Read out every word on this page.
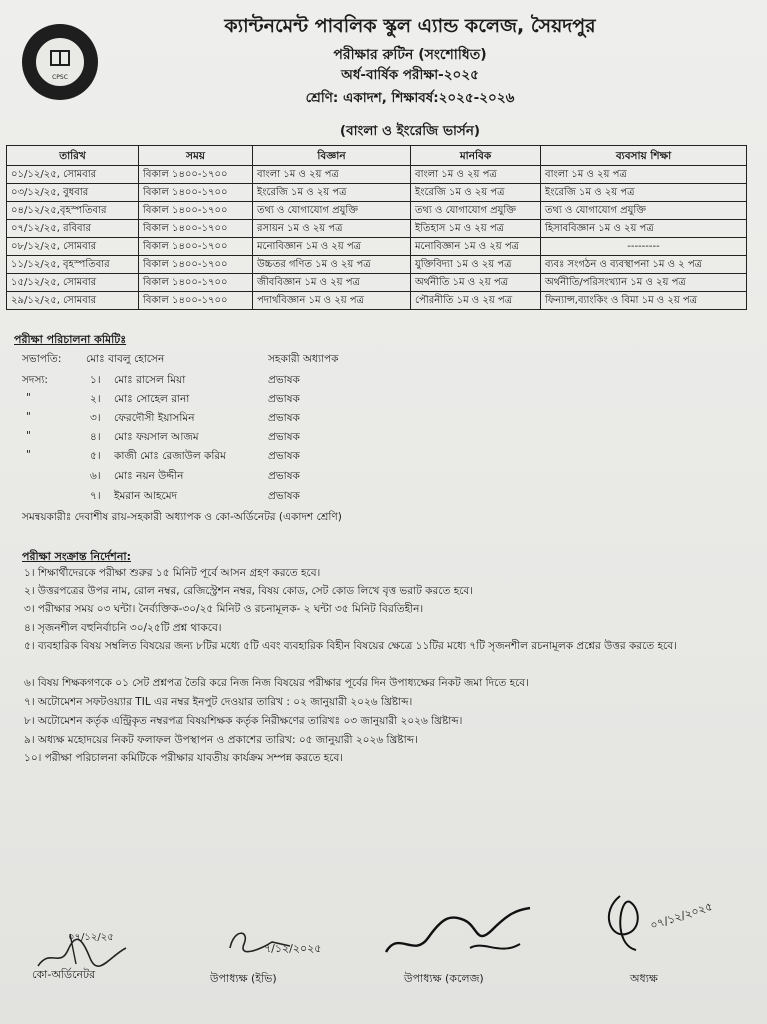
CPSC
ক্যান্টনমেন্ট পাবলিক স্কুল এ্যান্ড কলেজ, সৈয়দপুর
পরীক্ষার রুটিন (সংশোধিত)
অর্ধ-বার্ষিক পরীক্ষা-২০২৫
শ্রেণি: একাদশ, শিক্ষাবর্ষ:২০২৫-২০২৬
(বাংলা ও ইংরেজি ভার্সন)
তারিখ	সময়	বিজ্ঞান	মানবিক	ব্যবসায় শিক্ষা
০১/১২/২৫, সোমবার	বিকাল ১৪০০-১৭০০	বাংলা ১ম ও ২য় পত্র	বাংলা ১ম ও ২য় পত্র	বাংলা ১ম ও ২য় পত্র
০৩/১২/২৫, বুধবার	বিকাল ১৪০০-১৭০০	ইংরেজি ১ম ও ২য় পত্র	ইংরেজি ১ম ও ২য় পত্র	ইংরেজি ১ম ও ২য় পত্র
০৪/১২/২৫,বৃহস্পতিবার	বিকাল ১৪০০-১৭০০	তথ্য ও যোগাযোগ প্রযুক্তি	তথ্য ও যোগাযোগ প্রযুক্তি	তথ্য ও যোগাযোগ প্রযুক্তি
০৭/১২/২৫, রবিবার	বিকাল ১৪০০-১৭০০	রসায়ন ১ম ও ২য় পত্র	ইতিহাস ১ম ও ২য় পত্র	হিসাববিজ্ঞান ১ম ও ২য় পত্র
০৮/১২/২৫, সোমবার	বিকাল ১৪০০-১৭০০	মনোবিজ্ঞান ১ম ও ২য় পত্র	মনোবিজ্ঞান ১ম ও ২য় পত্র	---------
১১/১২/২৫, বৃহস্পতিবার	বিকাল ১৪০০-১৭০০	উচ্চতর গণিত ১ম ও ২য় পত্র	যুক্তিবিদ্যা ১ম ও ২য় পত্র	ব্যবঃ সংগঠন ও ব্যবস্থাপনা ১ম ও ২ পত্র
১৫/১২/২৫, সোমবার	বিকাল ১৪০০-১৭০০	জীববিজ্ঞান ১ম ও ২য় পত্র	অর্থনীতি ১ম ও ২য় পত্র	অর্থনীতি/পরিসংখ্যান ১ম ও ২য় পত্র
২৯/১২/২৫, সোমবার	বিকাল ১৪০০-১৭০০	পদার্থবিজ্ঞান ১ম ও ২য় পত্র	পৌরনীতি ১ম ও ২য় পত্র	ফিন্যান্স,ব্যাংকিং ও বিমা ১ম ও ২য় পত্র
পরীক্ষা পরিচালনা কমিটিঃ
সভাপতি: মোঃ বাবলু হোসেন	সহকারী অধ্যাপক
সদস্য:	১। মোঃ রাসেল মিয়া	প্রভাষক
"	২। মোঃ সোহেল রানা	প্রভাষক
"	৩। ফেরদৌসী ইয়াসমিন	প্রভাষক
"	৪। মোঃ ফয়সাল আজম	প্রভাষক
"	৫। কাজী মোঃ রেজাউল করিম	প্রভাষক
৬। মোঃ নয়ন উদ্দীন	প্রভাষক
৭। ইমরান আহমেদ	প্রভাষক
সমন্বয়কারীঃ দেবাশীষ রায়-সহকারী অধ্যাপক ও কো-অর্ডিনেটর (একাদশ শ্রেণি)
পরীক্ষা সংক্রান্ত নির্দেশনা:
১। শিক্ষার্থীদেরকে পরীক্ষা শুরুর ১৫ মিনিট পূর্বে আসন গ্রহণ করতে হবে।
২। উত্তরপত্রের উপর নাম, রোল নম্বর, রেজিস্ট্রেশন নম্বর, বিষয় কোড, সেট কোড লিখে বৃত্ত ভরাট করতে হবে।
৩। পরীক্ষার সময় ০৩ ঘন্টা। নৈর্ব্যক্তিক-৩০/২৫ মিনিট ও রচনামূলক- ২ ঘন্টা ৩৫ মিনিট বিরতিহীন।
৪। সৃজনশীল বহুনির্বাচনি ৩০/২৫টি প্রশ্ন থাকবে।
৫। ব্যবহারিক বিষয় সম্বলিত বিষয়ের জন্য ৮টির মধ্যে ৫টি এবং ব্যবহারিক বিহীন বিষয়ের ক্ষেত্রে ১১টির মধ্যে ৭টি সৃজনশীল রচনামূলক প্রশ্নের উত্তর করতে হবে।
৬। বিষয় শিক্ষকগণকে ০১ সেট প্রশ্নপত্র তৈরি করে নিজ নিজ বিষয়ের পরীক্ষার পূর্বের দিন উপাধ্যক্ষের নিকট জমা দিতে হবে।
৭। অটোমেশন সফটওয়্যার TIL এর নম্বর ইনপুট দেওয়ার তারিখ : ০২ জানুয়ারী ২০২৬ খ্রিষ্টাব্দ।
৮। অটোমেশন কর্তৃক এন্ট্রিকৃত নম্বরপত্র বিষয়শিক্ষক কর্তৃক নিরীক্ষণের তারিখঃ ০৩ জানুয়ারী ২০২৬ খ্রিষ্টাব্দ।
৯। অধ্যক্ষ মহোদয়ের নিকট ফলাফল উপস্থাপন ও প্রকাশের তারিখ: ০৫ জানুয়ারী ২০২৬ খ্রিষ্টাব্দ।
১০। পরীক্ষা পরিচালনা কমিটিকে পরীক্ষার যাবতীয় কার্যক্রম সম্পন্ন করতে হবে।
০৭/১২/২৫
কো-অর্ডিনেটর
৭/১২/২০২৫
উপাধ্যক্ষ (ইভি)	উপাধ্যক্ষ (কলেজ)
০৭/১২/২০২৫
অধ্যক্ষ
